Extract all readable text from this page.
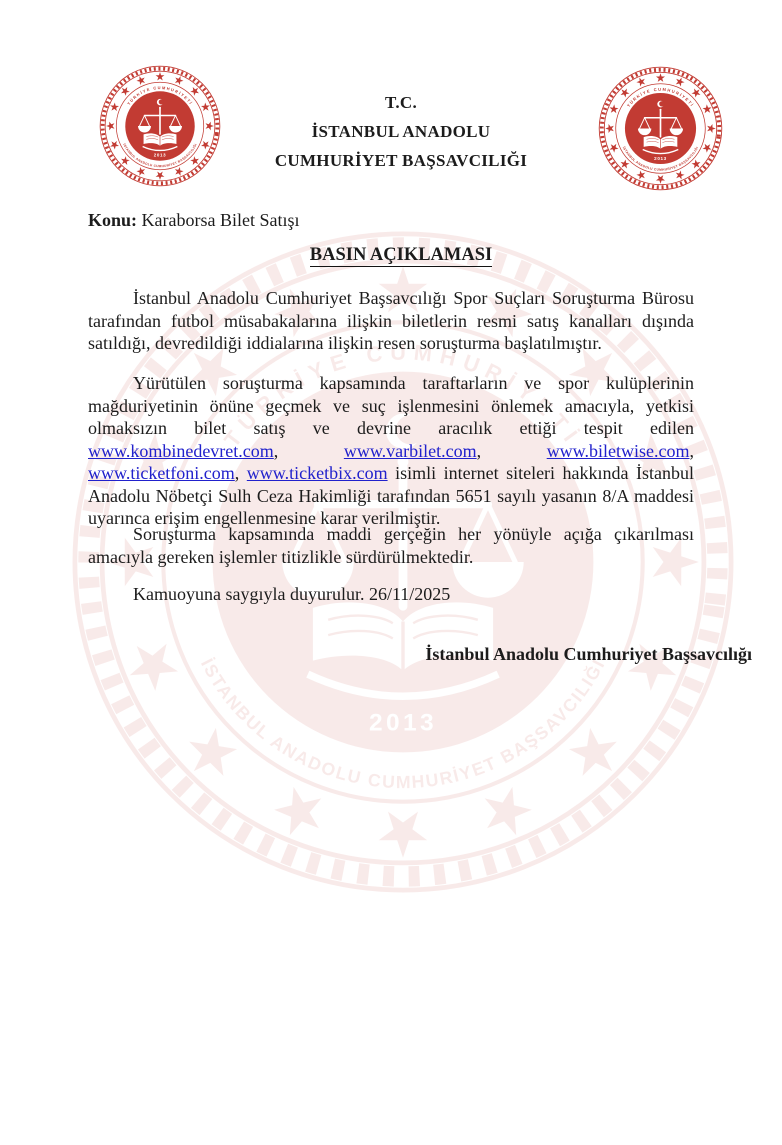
T.C.
İSTANBUL ANADOLU
CUMHURİYET BAŞSAVCILIĞI
Konu: Karaborsa Bilet Satışı
BASIN AÇIKLAMASI

İstanbul Anadolu Cumhuriyet Başsavcılığı Spor Suçları Soruşturma Bürosu tarafından futbol müsabakalarına ilişkin biletlerin resmi satış kanalları dışında satıldığı, devredildiği iddialarına ilişkin resen soruşturma başlatılmıştır.

Yürütülen soruşturma kapsamında taraftarların ve spor kulüplerinin mağduriyetinin önüne geçmek ve suç işlenmesini önlemek amacıyla, yetkisi olmaksızın bilet satış ve devrine aracılık ettiği tespit edilen www.kombinedevret.com, www.varbilet.com, www.biletwise.com, www.ticketfoni.com, www.ticketbix.com isimli internet siteleri hakkında İstanbul Anadolu Nöbetçi Sulh Ceza Hakimliği tarafından 5651 sayılı yasanın 8/A maddesi uyarınca erişim engellenmesine karar verilmiştir.

Soruşturma kapsamında maddi gerçeğin her yönüyle açığa çıkarılması amacıyla gereken işlemler titizlikle sürdürülmektedir.

Kamuoyuna saygıyla duyurulur. 26/11/2025

İstanbul Anadolu Cumhuriyet Başsavcılığı
